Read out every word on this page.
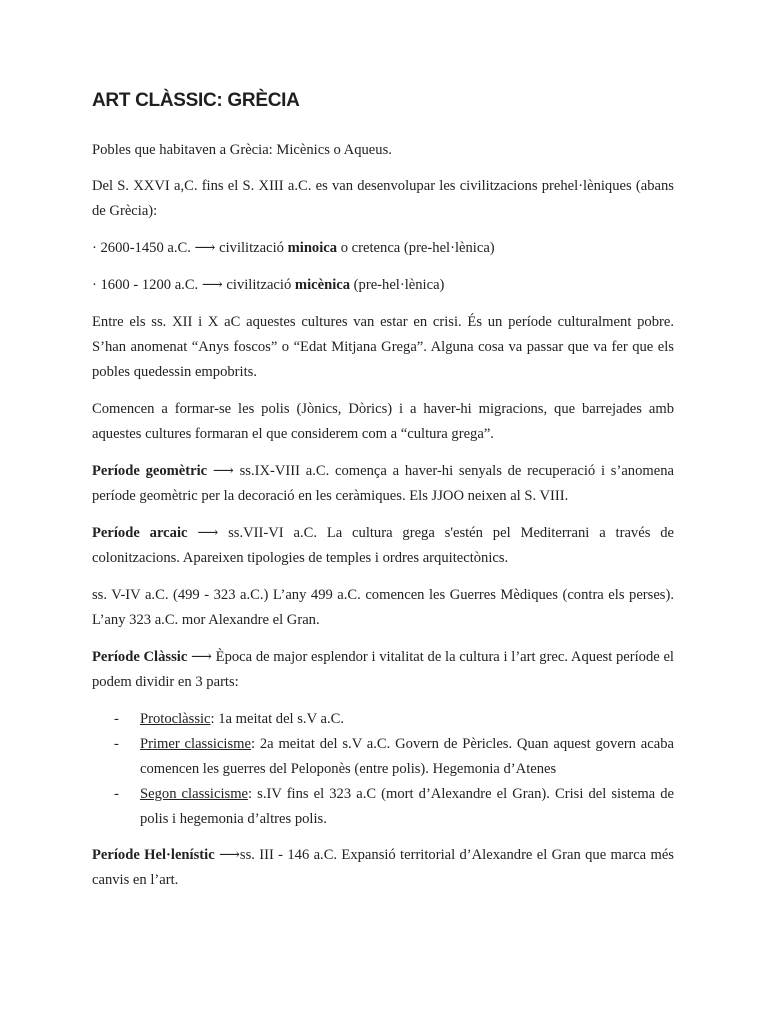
ART CLÀSSIC: GRÈCIA

Pobles que habitaven a Grècia: Micènics o Aqueus.

Del S. XXVI a,C. fins el S. XIII a.C. es van desenvolupar les civilitzacions prehel·lèniques (abans de Grècia):

· 2600-1450 a.C. ⟶ civilització minoica o cretenca (pre-hel·lènica)

· 1600 - 1200 a.C. ⟶ civilització micènica (pre-hel·lènica)

Entre els ss. XII i X aC aquestes cultures van estar en crisi. És un període culturalment pobre. S’han anomenat “Anys foscos” o “Edat Mitjana Grega”. Alguna cosa va passar que va fer que els pobles quedessin empobrits.

Comencen a formar-se les polis (Jònics, Dòrics) i a haver-hi migracions, que barrejades amb aquestes cultures formaran el que considerem com a “cultura grega”.

Període geomètric ⟶ ss.IX-VIII a.C. comença a haver-hi senyals de recuperació i s’anomena període geomètric per la decoració en les ceràmiques. Els JJOO neixen al S. VIII.

Període arcaic ⟶ ss.VII-VI a.C. La cultura grega s'estén pel Mediterrani a través de colonitzacions. Apareixen tipologies de temples i ordres arquitectònics.

ss. V-IV a.C. (499 - 323 a.C.) L’any 499 a.C. comencen les Guerres Mèdiques (contra els perses). L’any 323 a.C. mor Alexandre el Gran.

Període Clàssic ⟶ Època de major esplendor i vitalitat de la cultura i l’art grec. Aquest període el podem dividir en 3 parts:

- Protoclàssic: 1a meitat del s.V a.C.
- Primer classicisme: 2a meitat del s.V a.C. Govern de Pèricles. Quan aquest govern acaba comencen les guerres del Peloponès (entre polis). Hegemonia d’Atenes
- Segon classicisme: s.IV fins el 323 a.C (mort d’Alexandre el Gran). Crisi del sistema de polis i hegemonia d’altres polis.

Període Hel·lenístic ⟶ss. III - 146 a.C. Expansió territorial d’Alexandre el Gran que marca més canvis en l’art.
